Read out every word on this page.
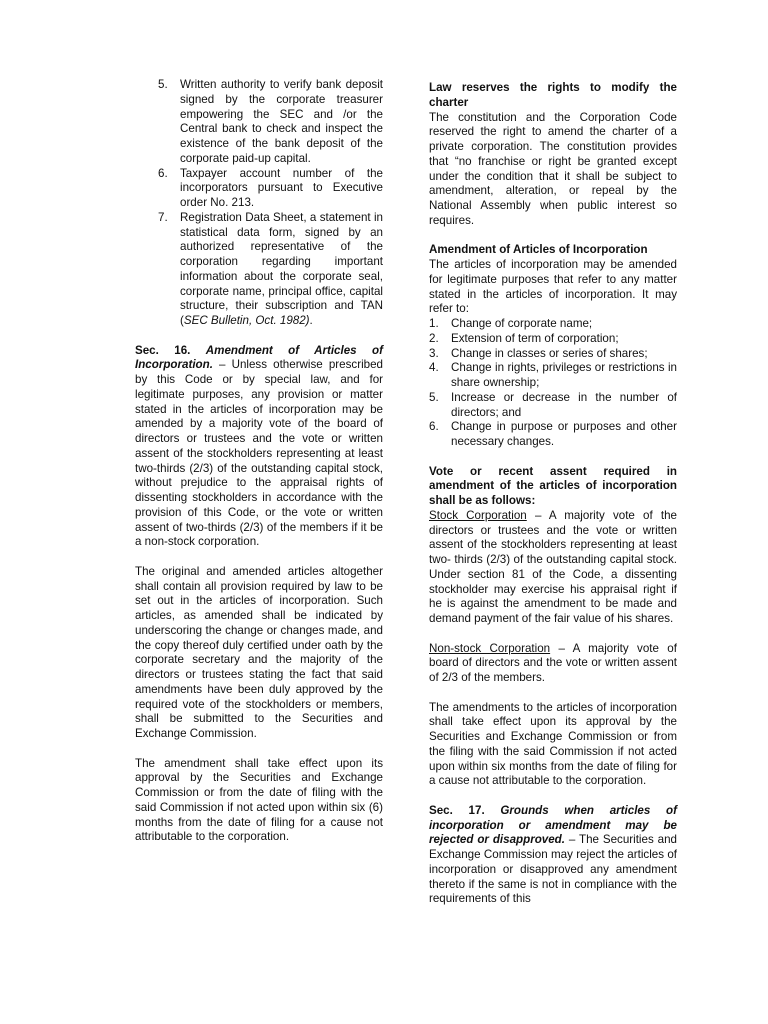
5. Written authority to verify bank deposit signed by the corporate treasurer empowering the SEC and /or the Central bank to check and inspect the existence of the bank deposit of the corporate paid-up capital.
6. Taxpayer account number of the incorporators pursuant to Executive order No. 213.
7. Registration Data Sheet, a statement in statistical data form, signed by an authorized representative of the corporation regarding important information about the corporate seal, corporate name, principal office, capital structure, their subscription and TAN (SEC Bulletin, Oct. 1982).

Sec. 16. Amendment of Articles of Incorporation. – Unless otherwise prescribed by this Code or by special law, and for legitimate purposes, any provision or matter stated in the articles of incorporation may be amended by a majority vote of the board of directors or trustees and the vote or written assent of the stockholders representing at least two-thirds (2/3) of the outstanding capital stock, without prejudice to the appraisal rights of dissenting stockholders in accordance with the provision of this Code, or the vote or written assent of two-thirds (2/3) of the members if it be a non-stock corporation.

The original and amended articles altogether shall contain all provision required by law to be set out in the articles of incorporation. Such articles, as amended shall be indicated by underscoring the change or changes made, and the copy thereof duly certified under oath by the corporate secretary and the majority of the directors or trustees stating the fact that said amendments have been duly approved by the required vote of the stockholders or members, shall be submitted to the Securities and Exchange Commission.

The amendment shall take effect upon its approval by the Securities and Exchange Commission or from the date of filing with the said Commission if not acted upon within six (6) months from the date of filing for a cause not attributable to the corporation.

Law reserves the rights to modify the charter

The constitution and the Corporation Code reserved the right to amend the charter of a private corporation. The constitution provides that “no franchise or right be granted except under the condition that it shall be subject to amendment, alteration, or repeal by the National Assembly when public interest so requires.

Amendment of Articles of Incorporation

The articles of incorporation may be amended for legitimate purposes that refer to any matter stated in the articles of incorporation. It may refer to:

1. Change of corporate name;
2. Extension of term of corporation;
3. Change in classes or series of shares;
4. Change in rights, privileges or restrictions in share ownership;
5. Increase or decrease in the number of directors; and
6. Change in purpose or purposes and other necessary changes.

Vote or recent assent required in amendment of the articles of incorporation shall be as follows:

Stock Corporation – A majority vote of the directors or trustees and the vote or written assent of the stockholders representing at least two- thirds (2/3) of the outstanding capital stock. Under section 81 of the Code, a dissenting stockholder may exercise his appraisal right if he is against the amendment to be made and demand payment of the fair value of his shares.

Non-stock Corporation – A majority vote of board of directors and the vote or written assent of 2/3 of the members.

The amendments to the articles of incorporation shall take effect upon its approval by the Securities and Exchange Commission or from the filing with the said Commission if not acted upon within six months from the date of filing for a cause not attributable to the corporation.

Sec. 17. Grounds when articles of incorporation or amendment may be rejected or disapproved. – The Securities and Exchange Commission may reject the articles of incorporation or disapproved any amendment thereto if the same is not in compliance with the requirements of this
